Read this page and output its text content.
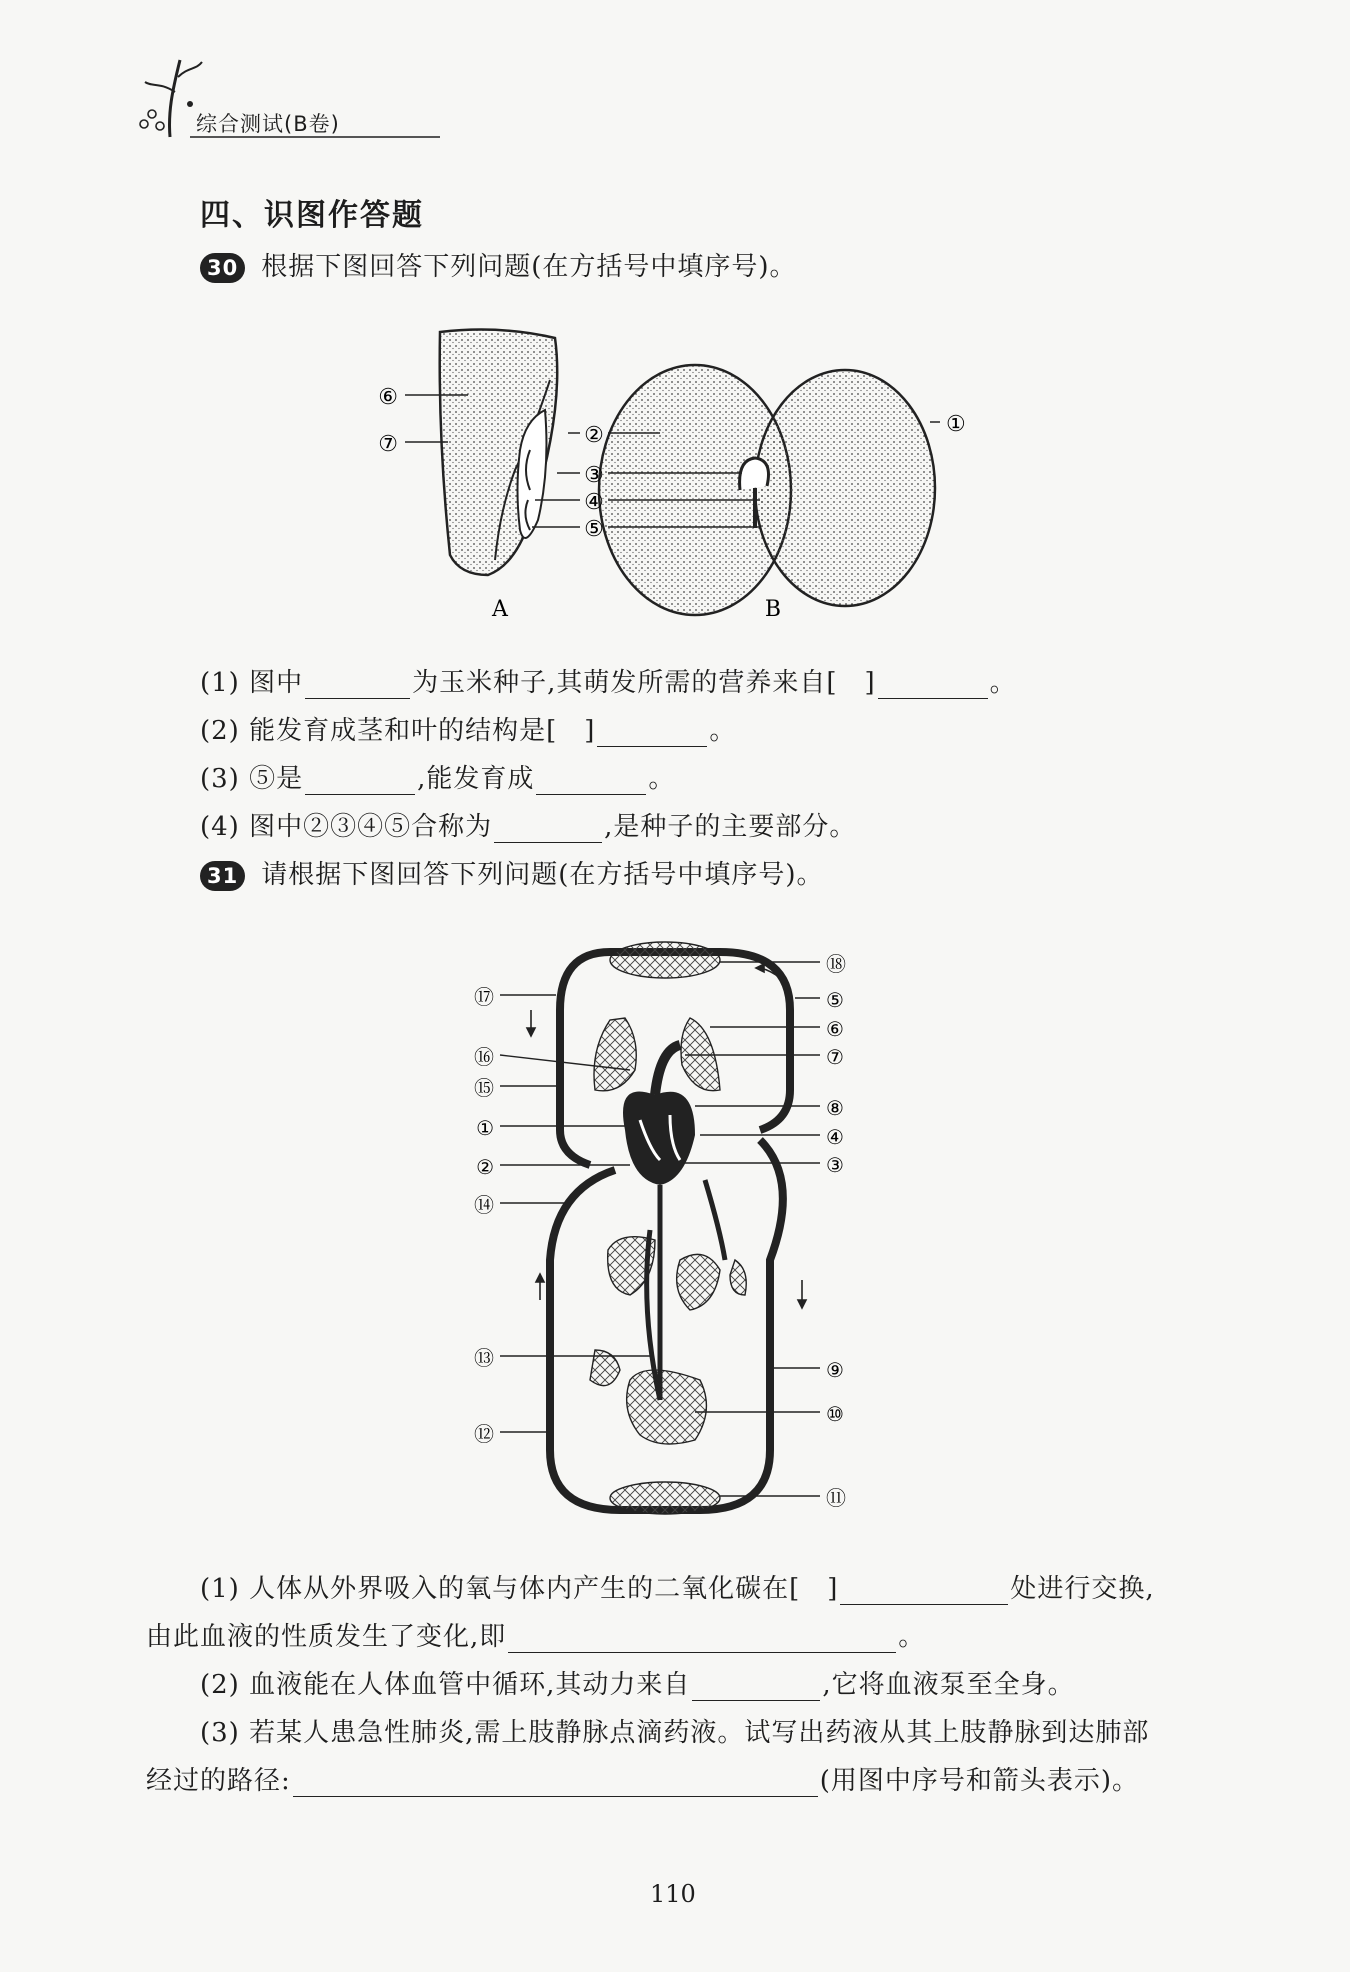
综合测试(B卷)
四、识图作答题
30 根据下图回答下列问题(在方括号中填序号)。
⑥
⑦	②
③
④
⑤
①
A	B
(1) 图中	为玉米种子,其萌发所需的营养来自[　]	。
(2) 能发育成茎和叶的结构是[　]	。
(3) ⑤是	,能发育成	。
(4) 图中②③④⑤合称为	,是种子的主要部分。
31 请根据下图回答下列问题(在方括号中填序号)。
⑰
⑯
⑮
①
②
⑭
⑬
⑫
⑱
⑤
⑥
⑦
⑧
④
③
⑨
⑩
⑪
(1) 人体从外界吸入的氧与体内产生的二氧化碳在[　]	处进行交换,
由此血液的性质发生了变化,即	。
(2) 血液能在人体血管中循环,其动力来自	,它将血液泵至全身。
(3) 若某人患急性肺炎,需上肢静脉点滴药液。试写出药液从其上肢静脉到达肺部
经过的路径:	(用图中序号和箭头表示)。
110
